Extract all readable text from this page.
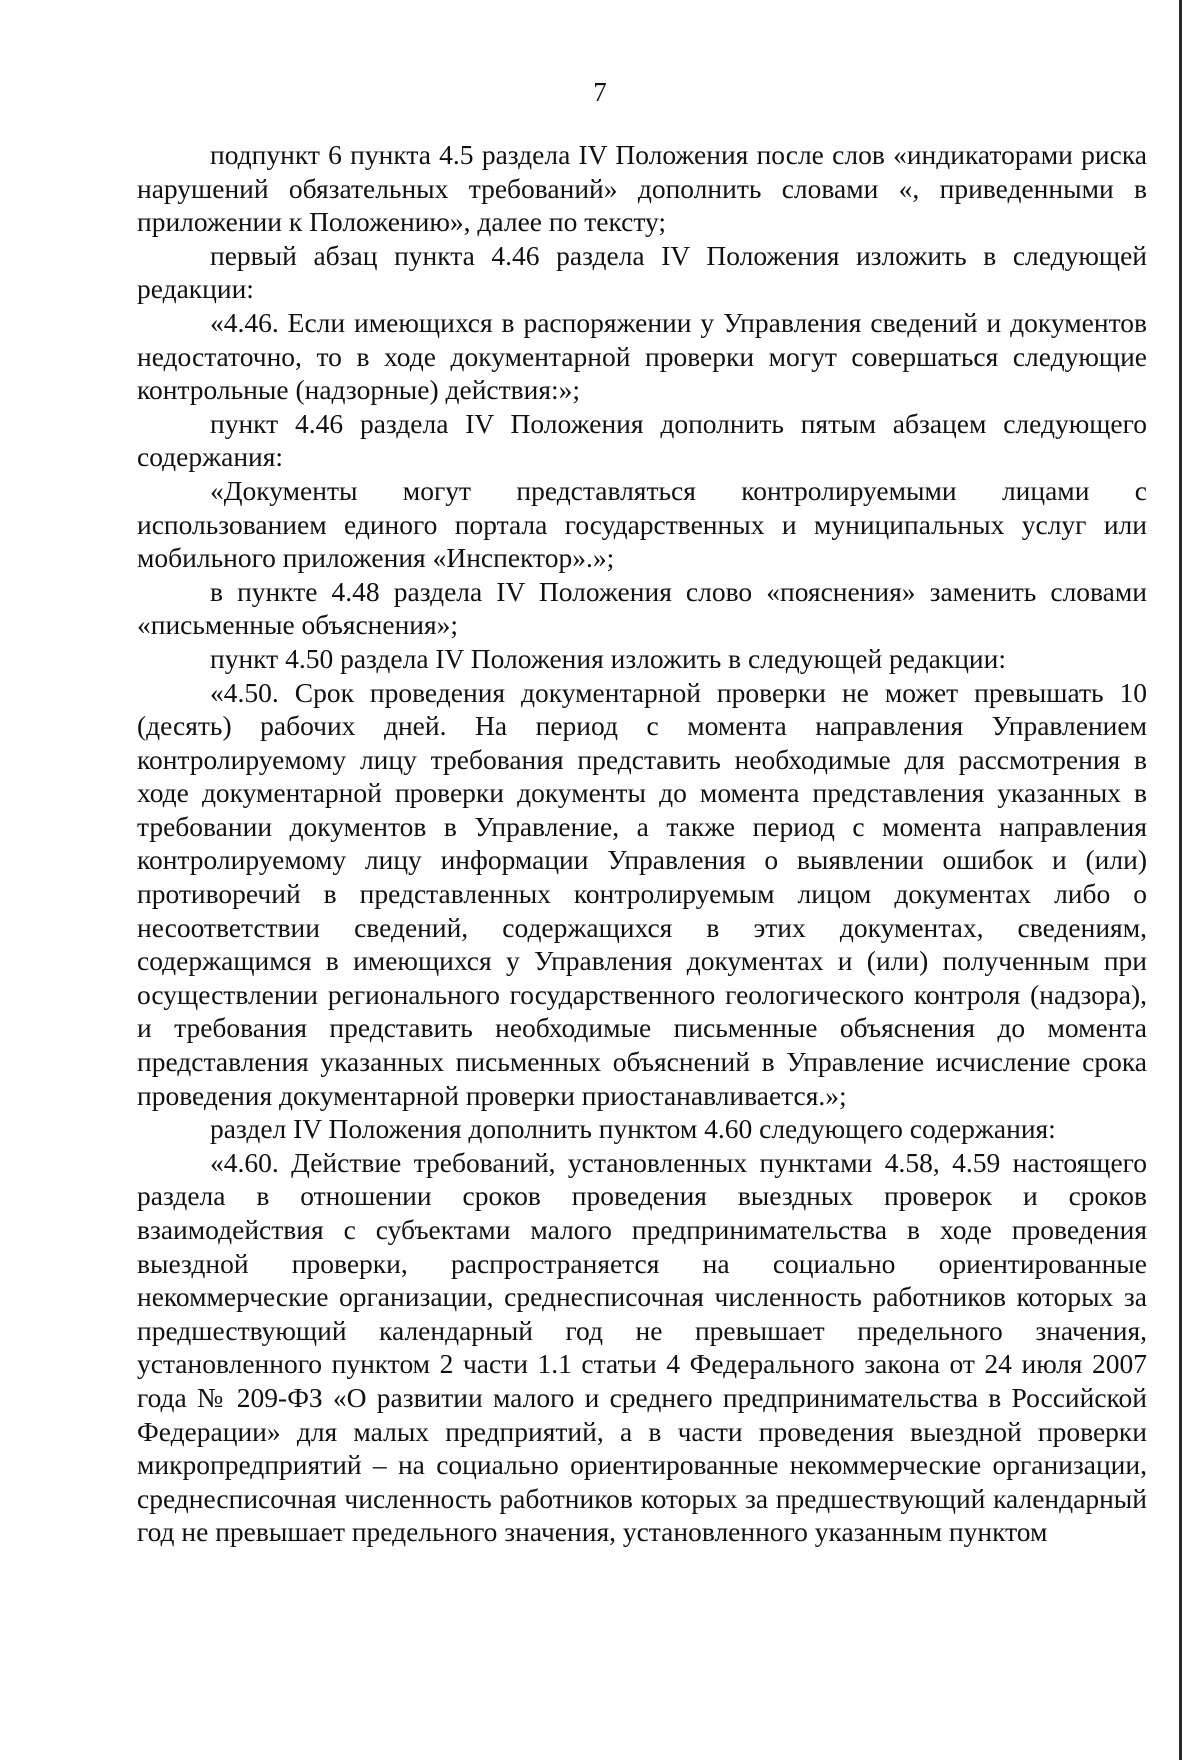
7

подпункт 6 пункта 4.5 раздела IV Положения после слов «индикаторами риска нарушений обязательных требований» дополнить словами «, приведенными в приложении к Положению», далее по тексту;

первый абзац пункта 4.46 раздела IV Положения изложить в следующей редакции:

«4.46. Если имеющихся в распоряжении у Управления сведений и документов недостаточно, то в ходе документарной проверки могут совершаться следующие контрольные (надзорные) действия:»;

пункт 4.46 раздела IV Положения дополнить пятым абзацем следующего содержания:

«Документы могут представляться контролируемыми лицами с использованием единого портала государственных и муниципальных услуг или мобильного приложения «Инспектор».»;

в пункте 4.48 раздела IV Положения слово «пояснения» заменить словами «письменные объяснения»;

пункт 4.50 раздела IV Положения изложить в следующей редакции:

«4.50. Срок проведения документарной проверки не может превышать 10 (десять) рабочих дней. На период с момента направления Управлением контролируемому лицу требования представить необходимые для рассмотрения в ходе документарной проверки документы до момента представления указанных в требовании документов в Управление, а также период с момента направления контролируемому лицу информации Управления о выявлении ошибок и (или) противоречий в представленных контролируемым лицом документах либо о несоответствии сведений, содержащихся в этих документах, сведениям, содержащимся в имеющихся у Управления документах и (или) полученным при осуществлении регионального государственного геологического контроля (надзора), и требования представить необходимые письменные объяснения до момента представления указанных письменных объяснений в Управление исчисление срока проведения документарной проверки приостанавливается.»;

раздел IV Положения дополнить пунктом 4.60 следующего содержания:

«4.60. Действие требований, установленных пунктами 4.58, 4.59 настоящего раздела в отношении сроков проведения выездных проверок и сроков взаимодействия с субъектами малого предпринимательства в ходе проведения выездной проверки, распространяется на социально ориентированные некоммерческие организации, среднесписочная численность работников которых за предшествующий календарный год не превышает предельного значения, установленного пунктом 2 части 1.1 статьи 4 Федерального закона от 24 июля 2007 года № 209-ФЗ «О развитии малого и среднего предпринимательства в Российской Федерации» для малых предприятий, а в части проведения выездной проверки микропредприятий – на социально ориентированные некоммерческие организации, среднесписочная численность работников которых за предшествующий календарный год не превышает предельного значения, установленного указанным пунктом
